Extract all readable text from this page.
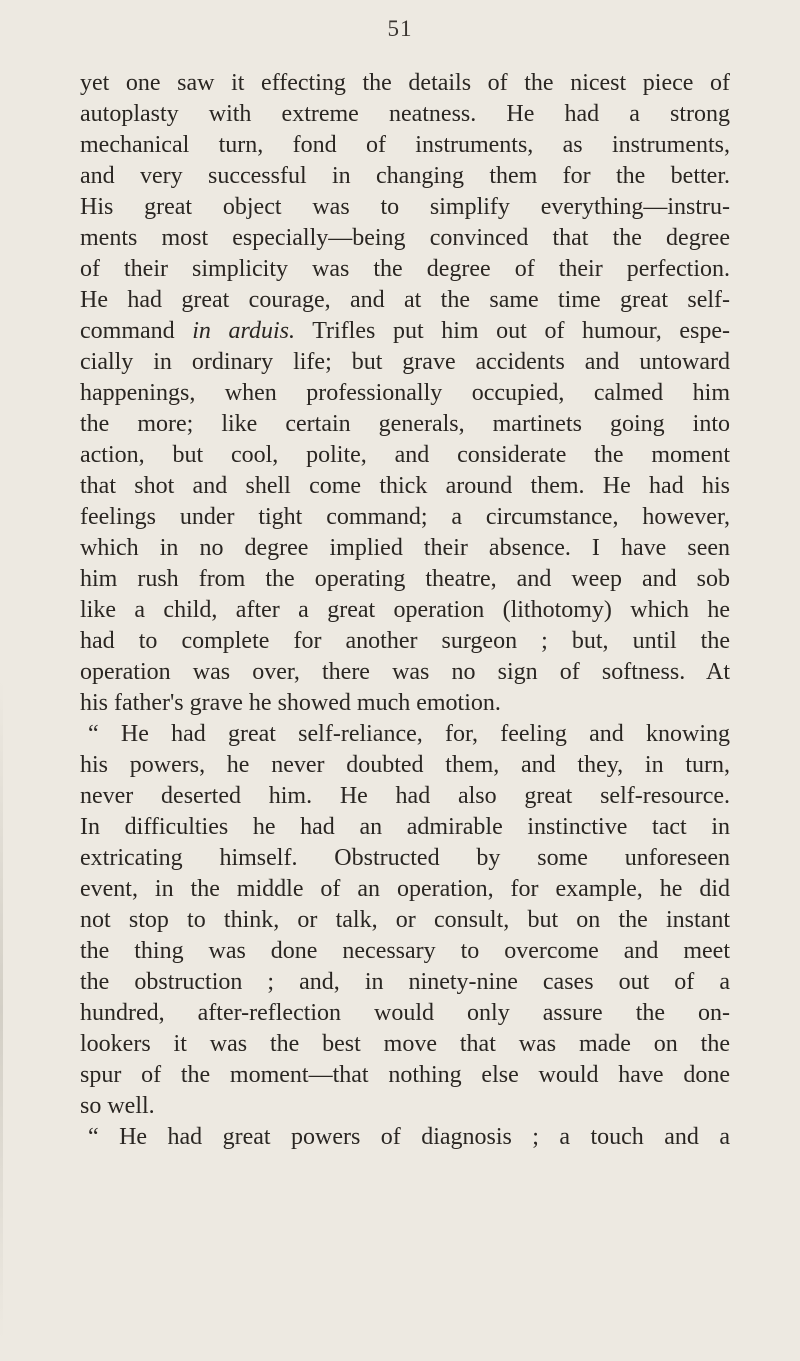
51
yet one saw it effecting the details of the nicest piece of
autoplasty with extreme neatness. He had a strong
mechanical turn, fond of instruments, as instruments,
and very successful in changing them for the better.
His great object was to simplify everything—instru-
ments most especially—being convinced that the degree
of their simplicity was the degree of their perfection.
He had great courage, and at the same time great self-
command in arduis. Trifles put him out of humour, espe-
cially in ordinary life; but grave accidents and untoward
happenings, when professionally occupied, calmed him
the more; like certain generals, martinets going into
action, but cool, polite, and considerate the moment
that shot and shell come thick around them. He had his
feelings under tight command; a circumstance, however,
which in no degree implied their absence. I have seen
him rush from the operating theatre, and weep and sob
like a child, after a great operation (lithotomy) which he
had to complete for another surgeon ; but, until the
operation was over, there was no sign of softness. At
his father's grave he showed much emotion.
“ He had great self-reliance, for, feeling and knowing
his powers, he never doubted them, and they, in turn,
never deserted him. He had also great self-resource.
In difficulties he had an admirable instinctive tact in
extricating himself. Obstructed by some unforeseen
event, in the middle of an operation, for example, he did
not stop to think, or talk, or consult, but on the instant
the thing was done necessary to overcome and meet
the obstruction ; and, in ninety-nine cases out of a
hundred, after-reflection would only assure the on-
lookers it was the best move that was made on the
spur of the moment—that nothing else would have done
so well.
“ He had great powers of diagnosis ; a touch and a
